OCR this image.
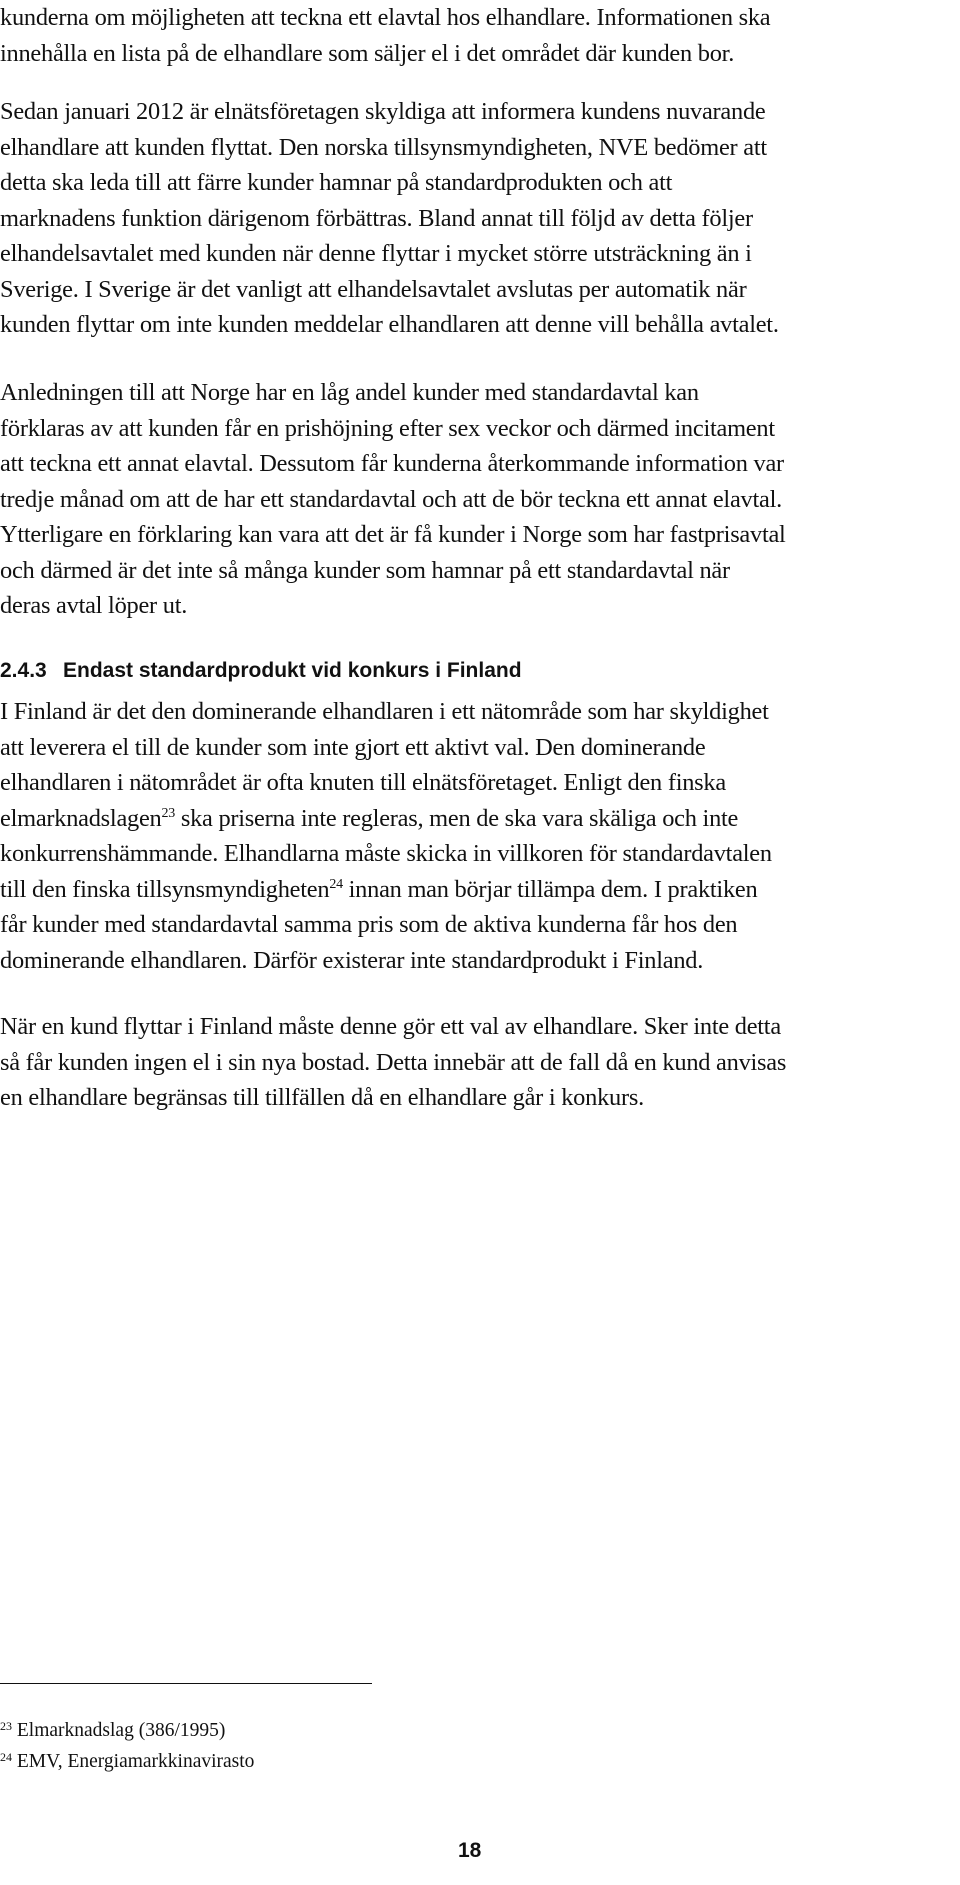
kunderna om möjligheten att teckna ett elavtal hos elhandlare. Informationen ska
innehålla en lista på de elhandlare som säljer el i det området där kunden bor.

Sedan januari 2012 är elnätsföretagen skyldiga att informera kundens nuvarande
elhandlare att kunden flyttat. Den norska tillsynsmyndigheten, NVE bedömer att
detta ska leda till att färre kunder hamnar på standardprodukten och att
marknadens funktion därigenom förbättras. Bland annat till följd av detta följer
elhandelsavtalet med kunden när denne flyttar i mycket större utsträckning än i
Sverige. I Sverige är det vanligt att elhandelsavtalet avslutas per automatik när
kunden flyttar om inte kunden meddelar elhandlaren att denne vill behålla avtalet.

Anledningen till att Norge har en låg andel kunder med standardavtal kan
förklaras av att kunden får en prishöjning efter sex veckor och därmed incitament
att teckna ett annat elavtal. Dessutom får kunderna återkommande information var
tredje månad om att de har ett standardavtal och att de bör teckna ett annat elavtal.
Ytterligare en förklaring kan vara att det är få kunder i Norge som har fastprisavtal
och därmed är det inte så många kunder som hamnar på ett standardavtal när
deras avtal löper ut.

2.4.3 Endast standardprodukt vid konkurs i Finland

I Finland är det den dominerande elhandlaren i ett nätområde som har skyldighet
att leverera el till de kunder som inte gjort ett aktivt val. Den dominerande
elhandlaren i nätområdet är ofta knuten till elnätsföretaget. Enligt den finska
elmarknadslagen$^{23}$ ska priserna inte regleras, men de ska vara skäliga och inte
konkurrenshämmande. Elhandlarna måste skicka in villkoren för standardavtalen
till den finska tillsynsmyndigheten$^{24}$ innan man börjar tillämpa dem. I praktiken
får kunder med standardavtal samma pris som de aktiva kunderna får hos den
dominerande elhandlaren. Därför existerar inte standardprodukt i Finland.

När en kund flyttar i Finland måste denne gör ett val av elhandlare. Sker inte detta
så får kunden ingen el i sin nya bostad. Detta innebär att de fall då en kund anvisas
en elhandlare begränsas till tillfällen då en elhandlare går i konkurs.

$^{23}$ Elmarknadslag (386/1995)
$^{24}$ EMV, Energiamarkkinavirasto
18
